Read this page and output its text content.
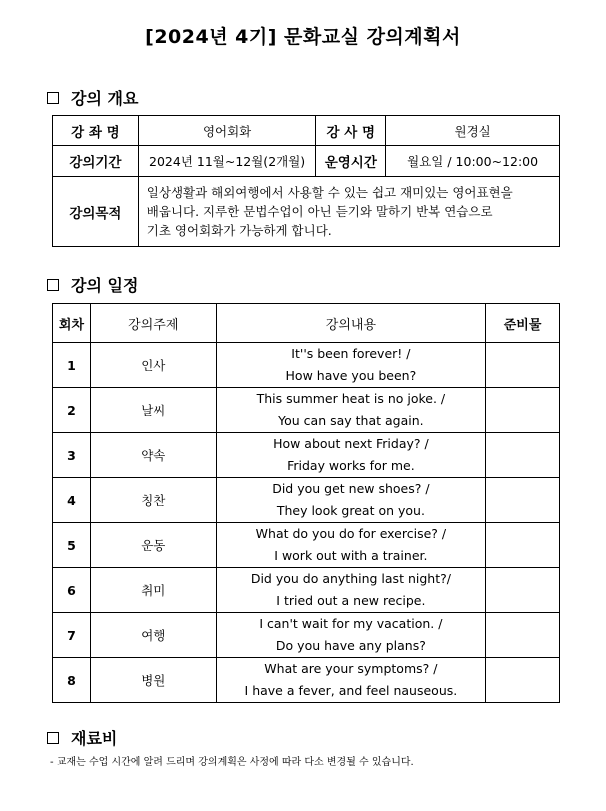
[2024년 4기] 문화교실 강의계획서
강의 개요
강 좌 명	영어회화	강 사 명	원경실
강의기간	2024년 11월~12월(2개월)	운영시간	월요일 / 10:00~12:00
강의목적	일상생활과 해외여행에서 사용할 수 있는 쉽고 재미있는 영어표현을
배웁니다. 지루한 문법수업이 아닌 듣기와 말하기 반복 연습으로
기초 영어회화가 가능하게 합니다.		
강의 일정
회차	강의주제	강의내용	준비물
1	인사	It''s been forever! /
How have you been?	

2	날씨	This summer heat is no joke. /
You can say that again.	

3	약속	How about next Friday? /
Friday works for me.	

4	칭찬	Did you get new shoes? /
They look great on you.	

5	운동	What do you do for exercise? /
I work out with a trainer.	

6	취미	Did you do anything last night?/
I tried out a new recipe.	

7	여행	I can't wait for my vacation. /
Do you have any plans?	

8	병원	What are your symptoms? /
I have a fever, and feel nauseous.	

재료비
- 교재는 수업 시간에 알려 드리며 강의계획은 사정에 따라 다소 변경될 수 있습니다.
